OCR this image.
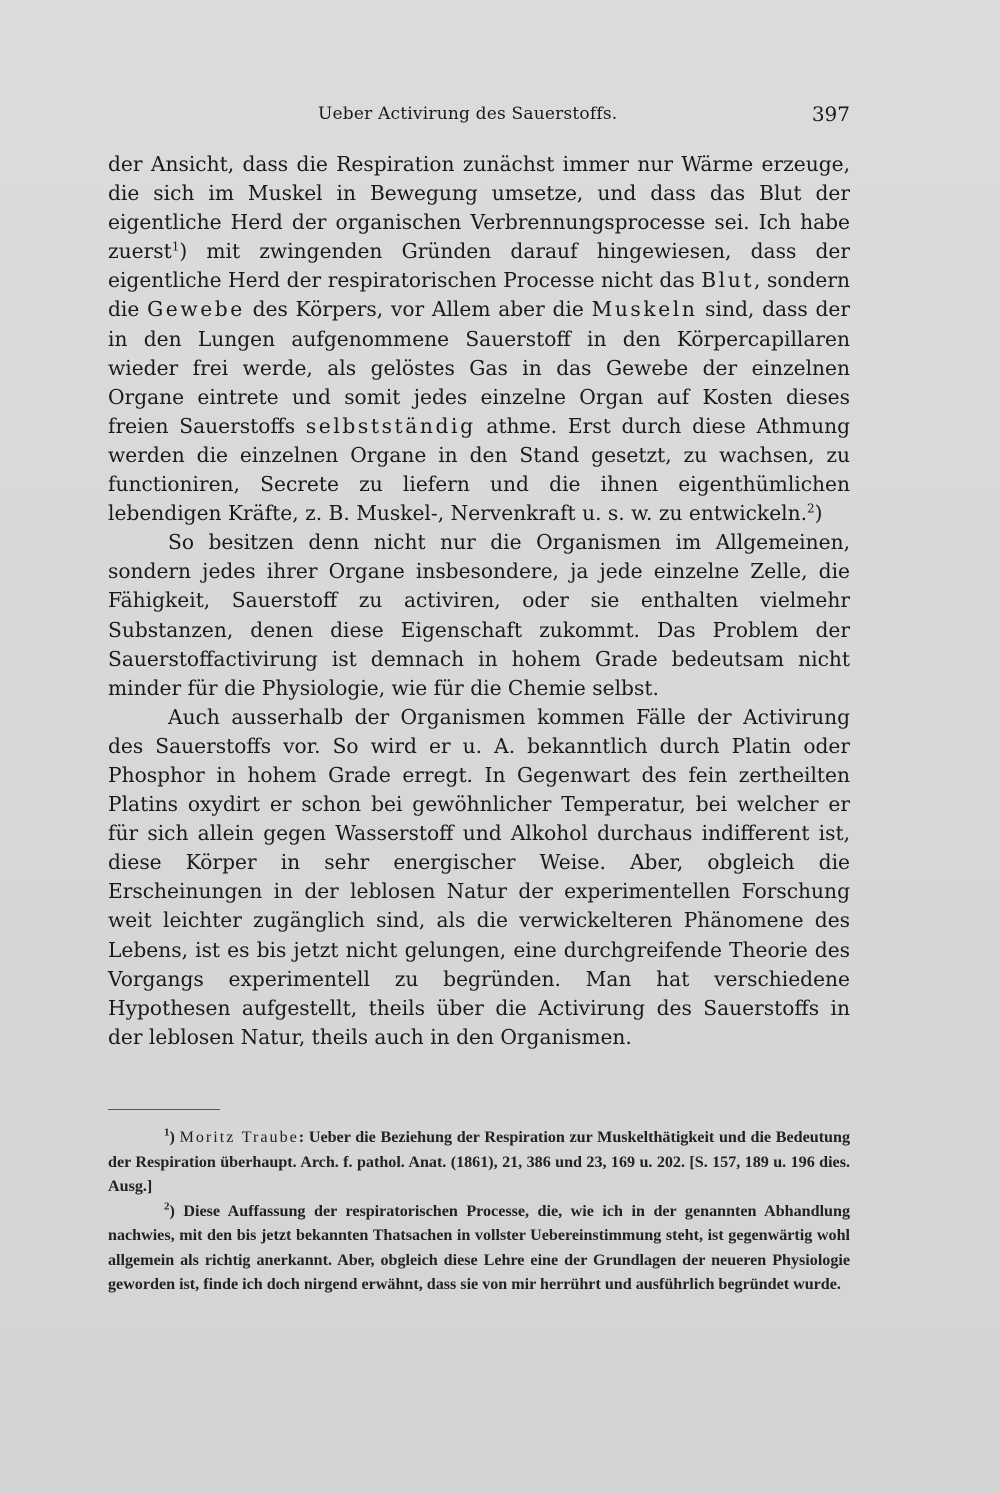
Ueber Activirung des Sauerstoffs.	397

der Ansicht, dass die Respiration zunächst immer nur Wärme erzeuge, die sich im Muskel in Bewegung umsetze, und dass das Blut der eigentliche Herd der organischen Verbrennungsprocesse sei. Ich habe zuerst$^1$) mit zwingenden Gründen darauf hingewiesen, dass der eigentliche Herd der respiratorischen Processe nicht das Blut, sondern die Gewebe des Körpers, vor Allem aber die Muskeln sind, dass der in den Lungen aufgenommene Sauerstoff in den Körpercapillaren wieder frei werde, als gelöstes Gas in das Gewebe der einzelnen Organe eintrete und somit jedes einzelne Organ auf Kosten dieses freien Sauerstoffs selbstständig athme. Erst durch diese Athmung werden die einzelnen Organe in den Stand gesetzt, zu wachsen, zu functioniren, Secrete zu liefern und die ihnen eigenthümlichen lebendigen Kräfte, z. B. Muskel-, Nervenkraft u. s. w. zu entwickeln.$^2$)

So besitzen denn nicht nur die Organismen im Allgemeinen, sondern jedes ihrer Organe insbesondere, ja jede einzelne Zelle, die Fähigkeit, Sauerstoff zu activiren, oder sie enthalten vielmehr Substanzen, denen diese Eigenschaft zukommt. Das Problem der Sauerstoffactivirung ist demnach in hohem Grade bedeutsam nicht minder für die Physiologie, wie für die Chemie selbst.

Auch ausserhalb der Organismen kommen Fälle der Activirung des Sauerstoffs vor. So wird er u. A. bekanntlich durch Platin oder Phosphor in hohem Grade erregt. In Gegenwart des fein zertheilten Platins oxydirt er schon bei gewöhnlicher Temperatur, bei welcher er für sich allein gegen Wasserstoff und Alkohol durchaus indifferent ist, diese Körper in sehr energischer Weise. Aber, obgleich die Erscheinungen in der leblosen Natur der experimentellen Forschung weit leichter zugänglich sind, als die verwickelteren Phänomene des Lebens, ist es bis jetzt nicht gelungen, eine durchgreifende Theorie des Vorgangs experimentell zu begründen. Man hat verschiedene Hypothesen aufgestellt, theils über die Activirung des Sauerstoffs in der leblosen Natur, theils auch in den Organismen.

$^1$) Moritz Traube: Ueber die Beziehung der Respiration zur Muskelthätigkeit und die Bedeutung der Respiration überhaupt. Arch. f. pathol. Anat. (1861), 21, 386 und 23, 169 u. 202. [S. 157, 189 u. 196 dies. Ausg.]

$^2$) Diese Auffassung der respiratorischen Processe, die, wie ich in der genannten Abhandlung nachwies, mit den bis jetzt bekannten Thatsachen in vollster Uebereinstimmung steht, ist gegenwärtig wohl allgemein als richtig anerkannt. Aber, obgleich diese Lehre eine der Grundlagen der neueren Physiologie geworden ist, finde ich doch nirgend erwähnt, dass sie von mir herrührt und ausführlich begründet wurde.
